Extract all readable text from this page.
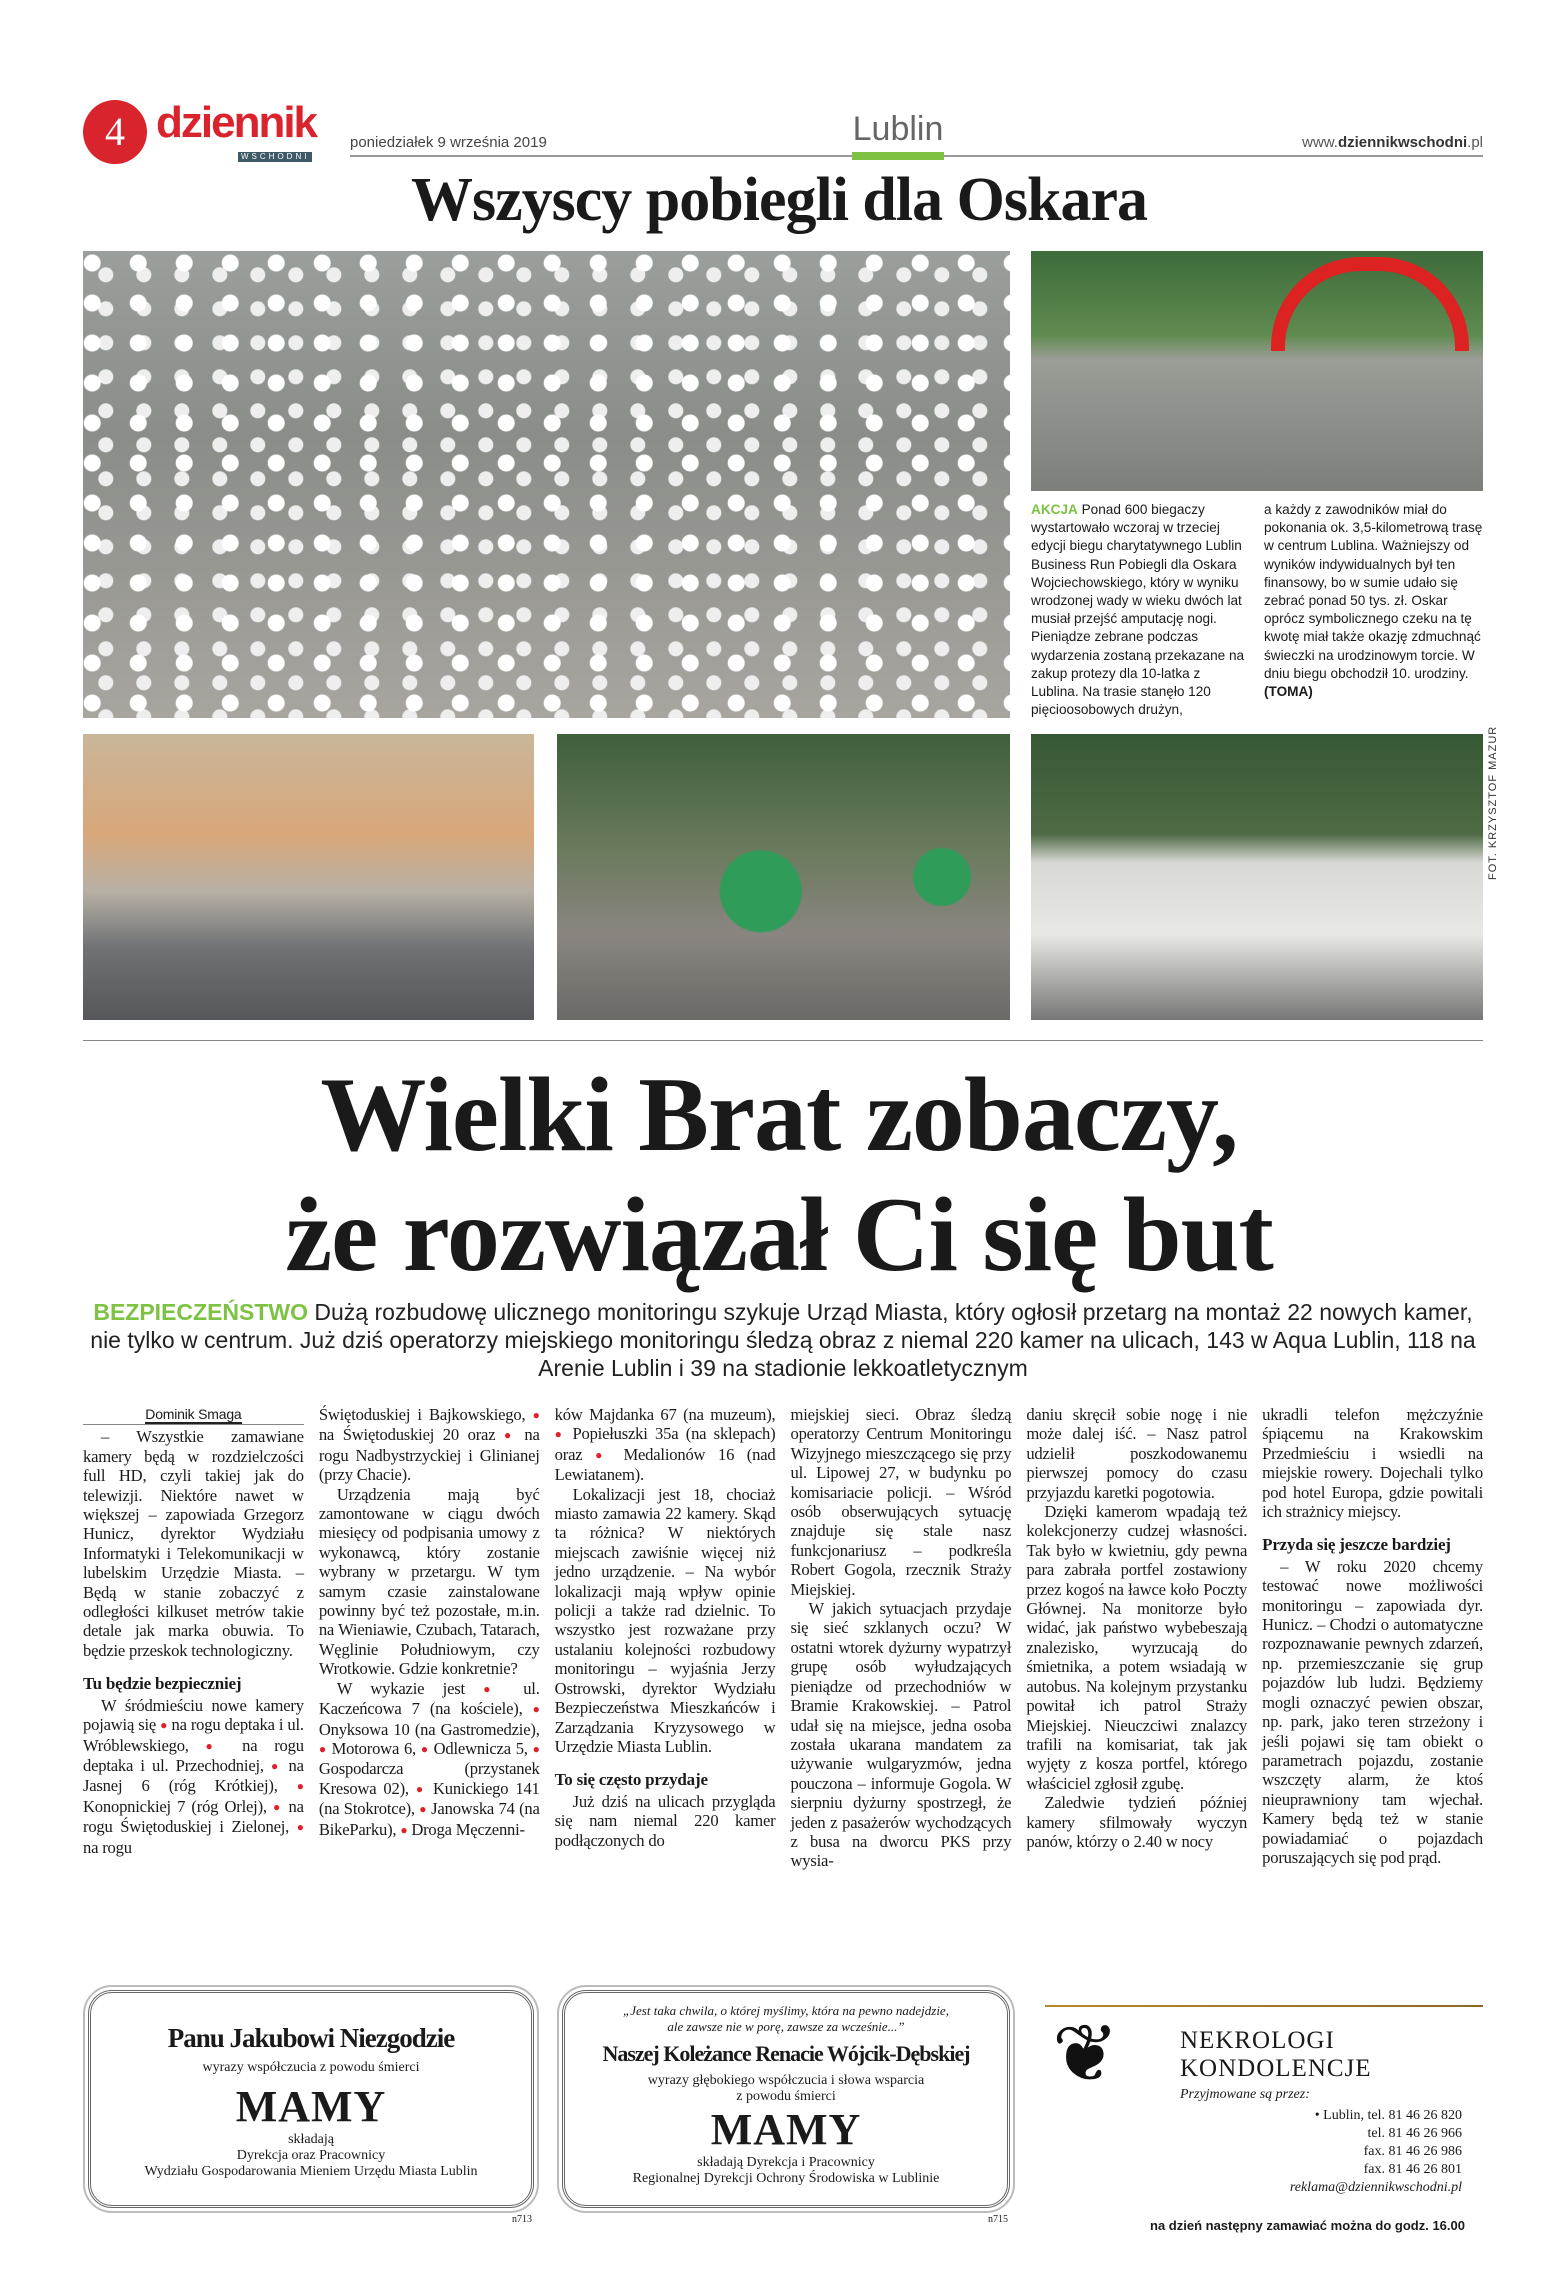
4 dziennik
WSCHODNI
poniedziałek 9 września 2019	Lublin	www.dziennikwschodni.pl
Wszyscy pobiegli dla Oskara
AKCJA Ponad 600 biegaczy wystartowało wczoraj w trzeciej edycji biegu charytatywnego Lublin Business Run Pobiegli dla Oskara Wojciechowskiego, który w wyniku wrodzonej wady w wieku dwóch lat musiał przejść amputację nogi. Pieniądze zebrane podczas wydarzenia zostaną przekazane na zakup protezy dla 10-latka z Lublina. Na trasie stanęło 120 pięcioosobowych drużyn,
a każdy z zawodników miał do pokonania ok. 3,5-kilometrową trasę w centrum Lublina. Ważniejszy od wyników indywidualnych był ten finansowy, bo w sumie udało się zebrać ponad 50 tys. zł. Oskar oprócz symbolicznego czeku na tę kwotę miał także okazję zdmuchnąć świeczki na urodzinowym torcie. W dniu biegu obchodził 10. urodziny. (TOMA)
FOT. KRZYSZTOF MAZUR
Wielki Brat zobaczy,
że rozwiązał Ci się but
BEZPIECZEŃSTWO Dużą rozbudowę ulicznego monitoringu szykuje Urząd Miasta, który ogłosił przetarg na montaż 22 nowych kamer, nie tylko w centrum. Już dziś operatorzy miejskiego monitoringu śledzą obraz z niemal 220 kamer na ulicach, 143 w Aqua Lublin, 118 na Arenie Lublin i 39 na stadionie lekkoatletycznym
Dominik Smaga

– Wszystkie zamawiane kamery będą w rozdzielczości full HD, czyli takiej jak do telewizji. Niektóre nawet w większej – zapowiada Grzegorz Hunicz, dyrektor Wydziału Informatyki i Telekomunikacji w lubelskim Urzędzie Miasta. – Będą w stanie zobaczyć z odległości kilkuset metrów takie detale jak marka obuwia. To będzie przeskok technologiczny.

Tu będzie bezpieczniej

W śródmieściu nowe kamery pojawią się ● na rogu deptaka i ul. Wróblewskiego, ● na rogu deptaka i ul. Przechodniej, ● na Jasnej 6 (róg Krótkiej), ● Konopnickiej 7 (róg Orlej), ● na rogu Świętoduskiej i Zielonej, ● na rogu

Świętoduskiej i Bajkowskiego, ● na Świętoduskiej 20 oraz ● na rogu Nadbystrzyckiej i Glinianej (przy Chacie).

Urządzenia mają być zamontowane w ciągu dwóch miesięcy od podpisania umowy z wykonawcą, który zostanie wybrany w przetargu. W tym samym czasie zainstalowane powinny być też pozostałe, m.in. na Wieniawie, Czubach, Tatarach, Węglinie Południowym, czy Wrotkowie. Gdzie konkretnie?

W wykazie jest ● ul. Kaczeńcowa 7 (na kościele), ● Onyksowa 10 (na Gastromedzie), ● Motorowa 6, ● Odlewnicza 5, ● Gospodarcza (przystanek Kresowa 02), ● Kunickiego 141 (na Stokrotce), ● Janowska 74 (na BikeParku), ● Droga Męczenni-

ków Majdanka 67 (na muzeum), ● Popiełuszki 35a (na sklepach) oraz ● Medalionów 16 (nad Lewiatanem).

Lokalizacji jest 18, chociaż miasto zamawia 22 kamery. Skąd ta różnica? W niektórych miejscach zawiśnie więcej niż jedno urządzenie. – Na wybór lokalizacji mają wpływ opinie policji a także rad dzielnic. To wszystko jest rozważane przy ustalaniu kolejności rozbudowy monitoringu – wyjaśnia Jerzy Ostrowski, dyrektor Wydziału Bezpieczeństwa Mieszkańców i Zarządzania Kryzysowego w Urzędzie Miasta Lublin.

To się często przydaje

Już dziś na ulicach przygląda się nam niemal 220 kamer podłączonych do

miejskiej sieci. Obraz śledzą operatorzy Centrum Monitoringu Wizyjnego mieszczącego się przy ul. Lipowej 27, w budynku po komisariacie policji. – Wśród osób obserwujących sytuację znajduje się stale nasz funkcjonariusz – podkreśla Robert Gogola, rzecznik Straży Miejskiej.

W jakich sytuacjach przydaje się sieć szklanych oczu? W ostatni wtorek dyżurny wypatrzył grupę osób wyłudzających pieniądze od przechodniów w Bramie Krakowskiej. – Patrol udał się na miejsce, jedna osoba została ukarana mandatem za używanie wulgaryzmów, jedna pouczona – informuje Gogola. W sierpniu dyżurny spostrzegł, że jeden z pasażerów wychodzących z busa na dworcu PKS przy wysia-

daniu skręcił sobie nogę i nie może dalej iść. – Nasz patrol udzielił poszkodowanemu pierwszej pomocy do czasu przyjazdu karetki pogotowia.

Dzięki kamerom wpadają też kolekcjonerzy cudzej własności. Tak było w kwietniu, gdy pewna para zabrała portfel zostawiony przez kogoś na ławce koło Poczty Głównej. Na monitorze było widać, jak państwo wybebeszają znalezisko, wyrzucają do śmietnika, a potem wsiadają w autobus. Na kolejnym przystanku powitał ich patrol Straży Miejskiej. Nieuczciwi znalazcy trafili na komisariat, tak jak wyjęty z kosza portfel, którego właściciel zgłosił zgubę.

Zaledwie tydzień później kamery sfilmowały wyczyn panów, którzy o 2.40 w nocy

ukradli telefon mężczyźnie śpiącemu na Krakowskim Przedmieściu i wsiedli na miejskie rowery. Dojechali tylko pod hotel Europa, gdzie powitali ich strażnicy miejscy.

Przyda się jeszcze bardziej

– W roku 2020 chcemy testować nowe możliwości monitoringu – zapowiada dyr. Hunicz. – Chodzi o automatyczne rozpoznawanie pewnych zdarzeń, np. przemieszczanie się grup pojazdów lub ludzi. Będziemy mogli oznaczyć pewien obszar, np. park, jako teren strzeżony i jeśli pojawi się tam obiekt o parametrach pojazdu, zostanie wszczęty alarm, że ktoś nieuprawniony tam wjechał. Kamery będą też w stanie powiadamiać o pojazdach poruszających się pod prąd.

Panu Jakubowi Niezgodzie
wyrazy współczucia z powodu śmierci
MAMY
składają
Dyrekcja oraz Pracownicy
Wydziału Gospodarowania Mieniem Urzędu Miasta Lublin
n713
„Jest taka chwila, o której myślimy, która na pewno nadejdzie,
ale zawsze nie w porę, zawsze za wcześnie...”
Naszej Koleżance Renacie Wójcik-Dębskiej
wyrazy głębokiego współczucia i słowa wsparcia
z powodu śmierci
MAMY
składają Dyrekcja i Pracownicy
Regionalnej Dyrekcji Ochrony Środowiska w Lublinie
n715
❦ NEKROLOGI
KONDOLENCJE
Przyjmowane są przez:
• Lublin, tel. 81 46 26 820
tel. 81 46 26 966
fax. 81 46 26 986
fax. 81 46 26 801
reklama@dziennikwschodni.pl
na dzień następny zamawiać można do godz. 16.00
